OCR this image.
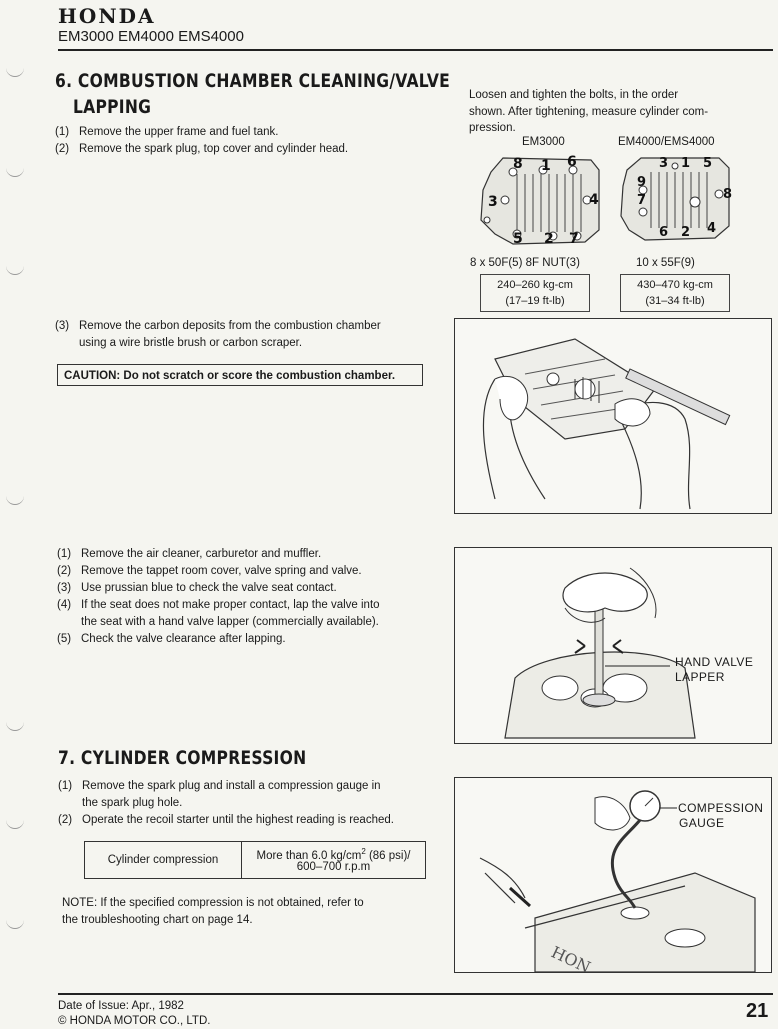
HONDA
EM3000 EM4000 EMS4000
6. COMBUSTION CHAMBER CLEANING/VALVE
LAPPING
(1) Remove the upper frame and fuel tank.
(2) Remove the spark plug, top cover and cylinder head.
(3) Remove the carbon deposits from the combustion chamber
using a wire bristle brush or carbon scraper.
CAUTION: Do not scratch or score the combustion chamber.
Loosen and tighten the bolts, in the order
shown. After tightening, measure cylinder com-
pression.
EM3000	EM4000/EMS4000
8 1 6
3	4
5 2 7
3 1 5
9
7	8
6 2 4
8 x 50F(5) 8F NUT(3)	10 x 55F(9)
240–260 kg-cm
(17–19 ft-lb)
430–470 kg-cm
(31–34 ft-lb)
(1) Remove the air cleaner, carburetor and muffler.
(2) Remove the tappet room cover, valve spring and valve.
(3) Use prussian blue to check the valve seat contact.
(4) If the seat does not make proper contact, lap the valve into
the seat with a hand valve lapper (commercially available).
(5) Check the valve clearance after lapping.
HAND VALVE
LAPPER
7. CYLINDER COMPRESSION
(1) Remove the spark plug and install a compression gauge in
the spark plug hole.
(2) Operate the recoil starter until the highest reading is reached.
Cylinder compression	More than 6.0 $kg/cm^2$ (86 psi)/
600–700 r.p.m
NOTE: If the specified compression is not obtained, refer to
the troubleshooting chart on page 14.
HON
COMPESSION
GAUGE
Date of Issue: Apr., 1982
© HONDA MOTOR CO., LTD.	21
